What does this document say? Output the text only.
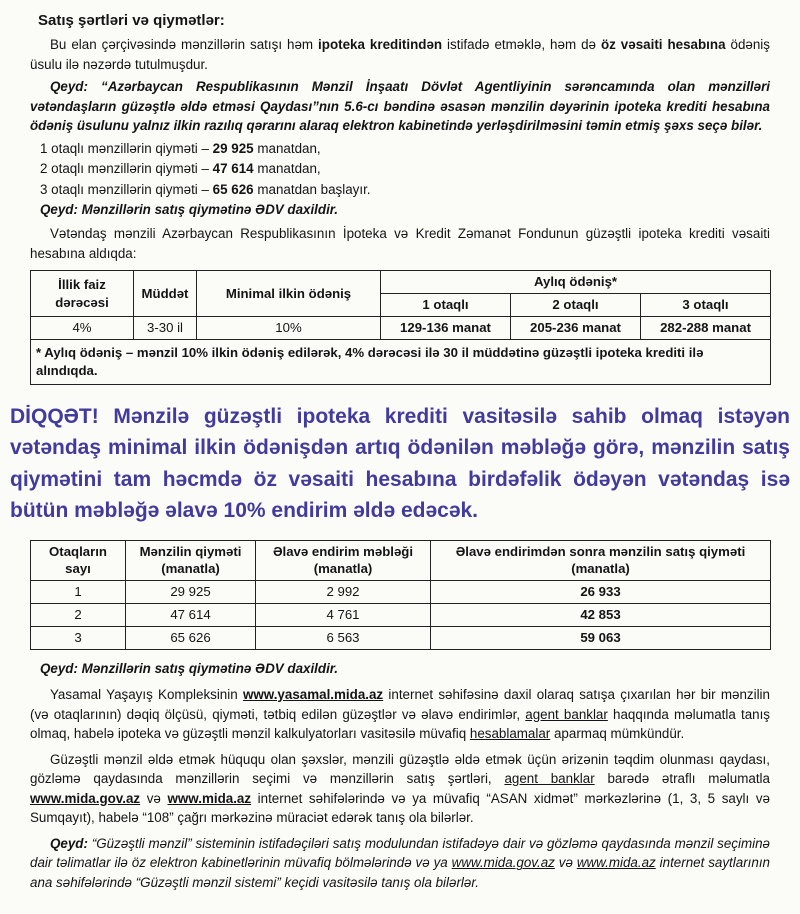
Satış şərtləri və qiymətlər:

Bu elan çərçivəsində mənzillərin satışı həm ipoteka kreditindən istifadə etməklə, həm də öz vəsaiti hesabına ödəniş üsulu ilə nəzərdə tutulmuşdur.

Qeyd: “Azərbaycan Respublikasının Mənzil İnşaatı Dövlət Agentliyinin sərəncamında olan mənzilləri vətəndaşların güzəştlə əldə etməsi Qaydası”nın 5.6-cı bəndinə əsasən mənzilin dəyərinin ipoteka krediti hesabına ödəniş üsulunu yalnız ilkin razılıq qərarını alaraq elektron kabinetində yerləşdirilməsini təmin etmiş şəxs seçə bilər.

1 otaqlı mənzillərin qiyməti – 29 925 manatdan,

2 otaqlı mənzillərin qiyməti – 47 614 manatdan,

3 otaqlı mənzillərin qiyməti – 65 626 manatdan başlayır.

Qeyd: Mənzillərin satış qiymətinə ƏDV daxildir.

Vətəndaş mənzili Azərbaycan Respublikasının İpoteka və Kredit Zəmanət Fondunun güzəştli ipoteka krediti vəsaiti hesabına aldıqda:

İllik faiz dərəcəsi	Müddət	Minimal ilkin ödəniş	Aylıq ödəniş*		
			1 otaqlı	2 otaqlı	3 otaqlı
4%	3-30 il	10%	129-136 manat	205-236 manat	282-288 manat
* Aylıq ödəniş – mənzil 10% ilkin ödəniş edilərək, 4% dərəcəsi ilə 30 il müddətinə güzəştli ipoteka krediti ilə alındıqda.					

DİQQƏT! Mənzilə güzəştli ipoteka krediti vasitəsilə sahib olmaq istəyən vətəndaş minimal ilkin ödənişdən artıq ödənilən məbləğə görə, mənzilin satış qiymətini tam həcmdə öz vəsaiti hesabına birdəfəlik ödəyən vətəndaş isə bütün məbləğə əlavə 10% endirim əldə edəcək.

Otaqların sayı	Mənzilin qiyməti (manatla)	Əlavə endirim məbləği (manatla)	Əlavə endirimdən sonra mənzilin satış qiyməti (manatla)
1	29 925	2 992	26 933
2	47 614	4 761	42 853
3	65 626	6 563	59 063

Qeyd: Mənzillərin satış qiymətinə ƏDV daxildir.

Yasamal Yaşayış Kompleksinin www.yasamal.mida.az internet səhifəsinə daxil olaraq satışa çıxarılan hər bir mənzilin (və otaqlarının) dəqiq ölçüsü, qiyməti, tətbiq edilən güzəştlər və əlavə endirimlər, agent banklar haqqında məlumatla tanış olmaq, habelə ipoteka və güzəştli mənzil kalkulyatorları vasitəsilə müvafiq hesablamalar aparmaq mümkündür.

Güzəştli mənzil əldə etmək hüququ olan şəxslər, mənzili güzəştlə əldə etmək üçün ərizənin təqdim olunması qaydası, gözləmə qaydasında mənzillərin seçimi və mənzillərin satış şərtləri, agent banklar barədə ətraflı məlumatla www.mida.gov.az və www.mida.az internet səhifələrində və ya müvafiq “ASAN xidmət” mərkəzlərinə (1, 3, 5 saylı və Sumqayıt), habelə “108” çağrı mərkəzinə müraciət edərək tanış ola bilərlər.

Qeyd: “Güzəştli mənzil” sisteminin istifadəçiləri satış modulundan istifadəyə dair və gözləmə qaydasında mənzil seçiminə dair təlimatlar ilə öz elektron kabinetlərinin müvafiq bölmələrində və ya www.mida.gov.az və www.mida.az internet saytlarının ana səhifələrində “Güzəştli mənzil sistemi” keçidi vasitəsilə tanış ola bilərlər.
